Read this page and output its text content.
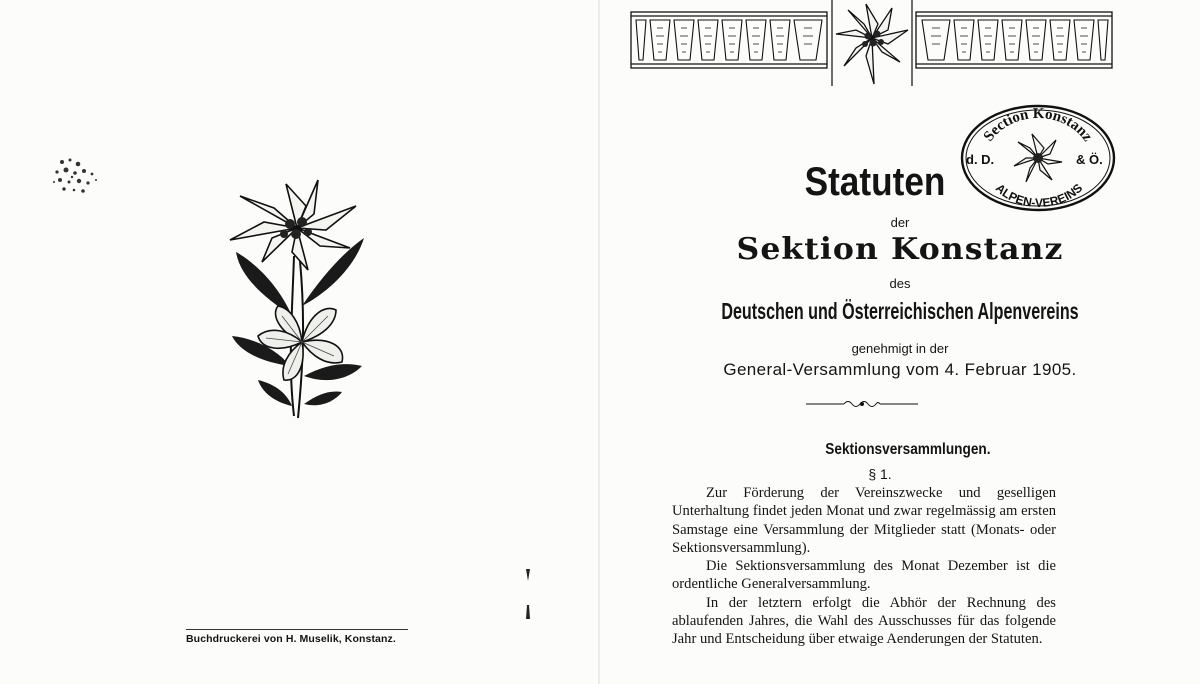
Buchdruckerei von H. Muselik, Konstanz.
Section Konstanz
ALPEN-VEREINS
d. D.	& Ö.
Statuten
der
Sektion Konstanz
des
Deutschen und Österreichischen Alpenvereins
genehmigt in der
General-Versammlung vom 4. Februar 1905.
Sektionsversammlungen.
§ 1.

Zur Förderung der Vereinszwecke und geselligen Unterhaltung findet jeden Monat und zwar regelmässig am ersten Samstage eine Versammlung der Mitglieder statt (Monats- oder Sektionsversammlung).

Die Sektionsversammlung des Monat Dezember ist die ordentliche Generalversammlung.

In der letztern erfolgt die Abhör der Rechnung des ablaufenden Jahres, die Wahl des Ausschusses für das folgende Jahr und Entscheidung über etwaige Aenderungen der Statuten.
